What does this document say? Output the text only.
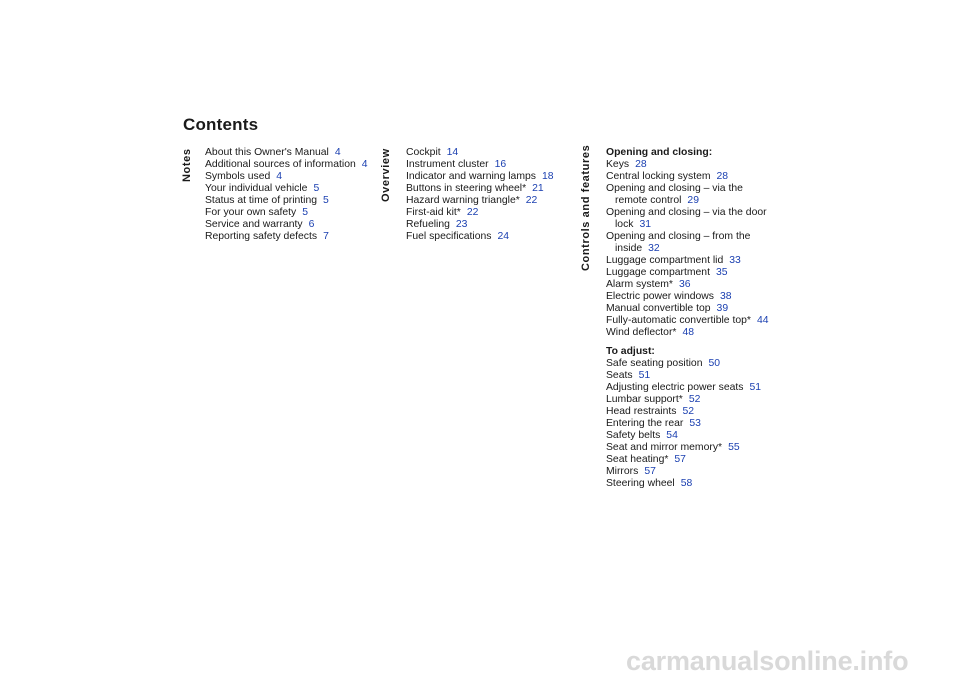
Contents
Notes	Overview	Controls and features
About this Owner's Manual 4
Additional sources of information 4
Symbols used 4
Your individual vehicle 5
Status at time of printing 5
For your own safety 5
Service and warranty 6
Reporting safety defects 7
Cockpit 14
Instrument cluster 16
Indicator and warning lamps 18
Buttons in steering wheel* 21
Hazard warning triangle* 22
First-aid kit* 22
Refueling 23
Fuel specifications 24
Opening and closing:
Keys 28
Central locking system 28
Opening and closing – via the remote control 29
Opening and closing – via the door lock 31
Opening and closing – from the inside 32
Luggage compartment lid 33
Luggage compartment 35
Alarm system* 36
Electric power windows 38
Manual convertible top 39
Fully-automatic convertible top* 44
Wind deflector* 48
To adjust:
Safe seating position 50
Seats 51
Adjusting electric power seats 51
Lumbar support* 52
Head restraints 52
Entering the rear 53
Safety belts 54
Seat and mirror memory* 55
Seat heating* 57
Mirrors 57
Steering wheel 58
carmanualsonline.info
